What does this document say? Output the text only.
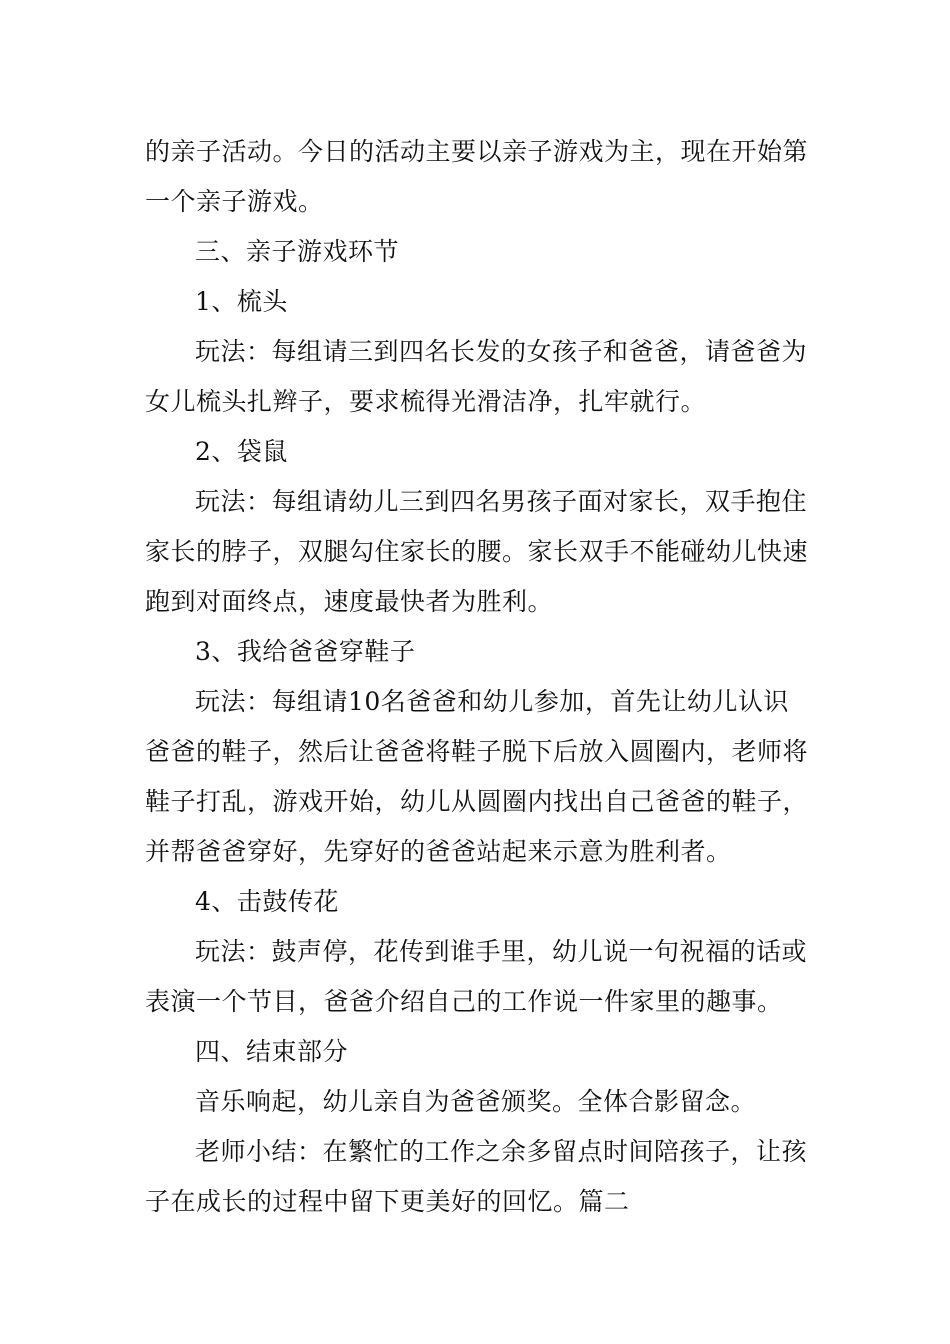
的亲子活动。今日的活动主要以亲子游戏为主，现在开始第一个亲子游戏。

三、亲子游戏环节

1、梳头

玩法：每组请三到四名长发的女孩子和爸爸，请爸爸为女儿梳头扎辫子，要求梳得光滑洁净，扎牢就行。

2、袋鼠

玩法：每组请幼儿三到四名男孩子面对家长，双手抱住家长的脖子，双腿勾住家长的腰。家长双手不能碰幼儿快速跑到对面终点，速度最快者为胜利。

3、我给爸爸穿鞋子

玩法：每组请10名爸爸和幼儿参加，首先让幼儿认识爸爸的鞋子，然后让爸爸将鞋子脱下后放入圆圈内，老师将鞋子打乱，游戏开始，幼儿从圆圈内找出自己爸爸的鞋子，并帮爸爸穿好，先穿好的爸爸站起来示意为胜利者。

4、击鼓传花

玩法：鼓声停，花传到谁手里，幼儿说一句祝福的话或表演一个节目，爸爸介绍自己的工作说一件家里的趣事。

四、结束部分

音乐响起，幼儿亲自为爸爸颁奖。全体合影留念。

老师小结：在繁忙的工作之余多留点时间陪孩子，让孩子在成长的过程中留下更美好的回忆。篇二
